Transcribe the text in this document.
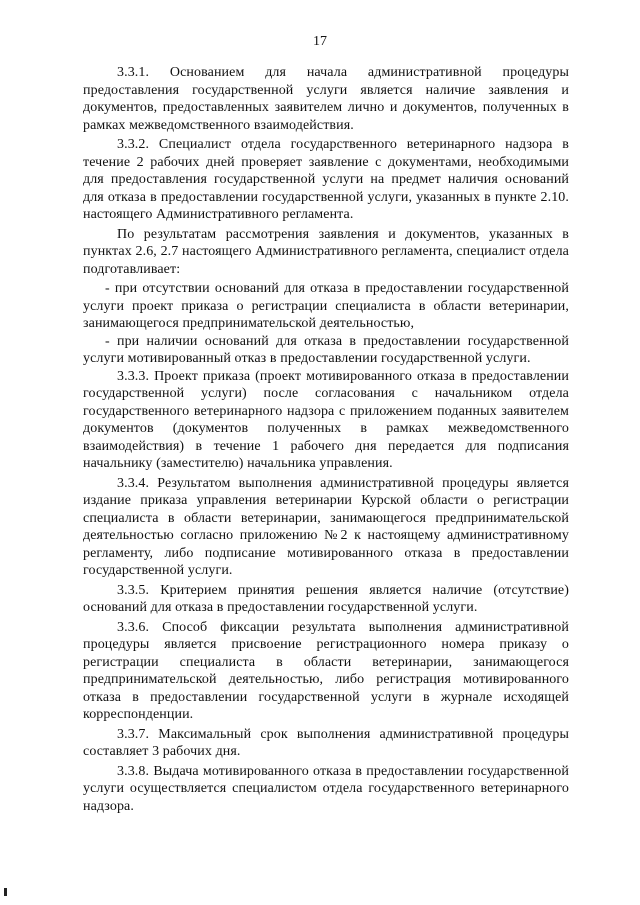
17

3.3.1. Основанием для начала административной процедуры предоставления государственной услуги является наличие заявления и документов, предоставленных заявителем лично и документов, полученных в рамках межведомственного взаимодействия.

3.3.2. Специалист отдела государственного ветеринарного надзора в течение 2 рабочих дней проверяет заявление с документами, необходимыми для предоставления государственной услуги на предмет наличия оснований для отказа в предоставлении государственной услуги, указанных в пункте 2.10. настоящего Административного регламента.

По результатам рассмотрения заявления и документов, указанных в пунктах 2.6, 2.7 настоящего Административного регламента, специалист отдела подготавливает:

- при отсутствии оснований для отказа в предоставлении государственной услуги проект приказа о регистрации специалиста в области ветеринарии, занимающегося предпринимательской деятельностью,

- при наличии оснований для отказа в предоставлении государственной услуги мотивированный отказ в предоставлении государственной услуги.

3.3.3. Проект приказа (проект мотивированного отказа в предоставлении государственной услуги) после согласования с начальником отдела государственного ветеринарного надзора с приложением поданных заявителем документов (документов полученных в рамках межведомственного взаимодействия) в течение 1 рабочего дня передается для подписания начальнику (заместителю) начальника управления.

3.3.4. Результатом выполнения административной процедуры является издание приказа управления ветеринарии Курской области о регистрации специалиста в области ветеринарии, занимающегося предпринимательской деятельностью согласно приложению №2 к настоящему административному регламенту, либо подписание мотивированного отказа в предоставлении государственной услуги.

3.3.5. Критерием принятия решения является наличие (отсутствие) оснований для отказа в предоставлении государственной услуги.

3.3.6. Способ фиксации результата выполнения административной процедуры является присвоение регистрационного номера приказу о регистрации специалиста в области ветеринарии, занимающегося предпринимательской деятельностью, либо регистрация мотивированного отказа в предоставлении государственной услуги в журнале исходящей корреспонденции.

3.3.7. Максимальный срок выполнения административной процедуры составляет 3 рабочих дня.

3.3.8. Выдача мотивированного отказа в предоставлении государственной услуги осуществляется специалистом отдела государственного ветеринарного надзора.
